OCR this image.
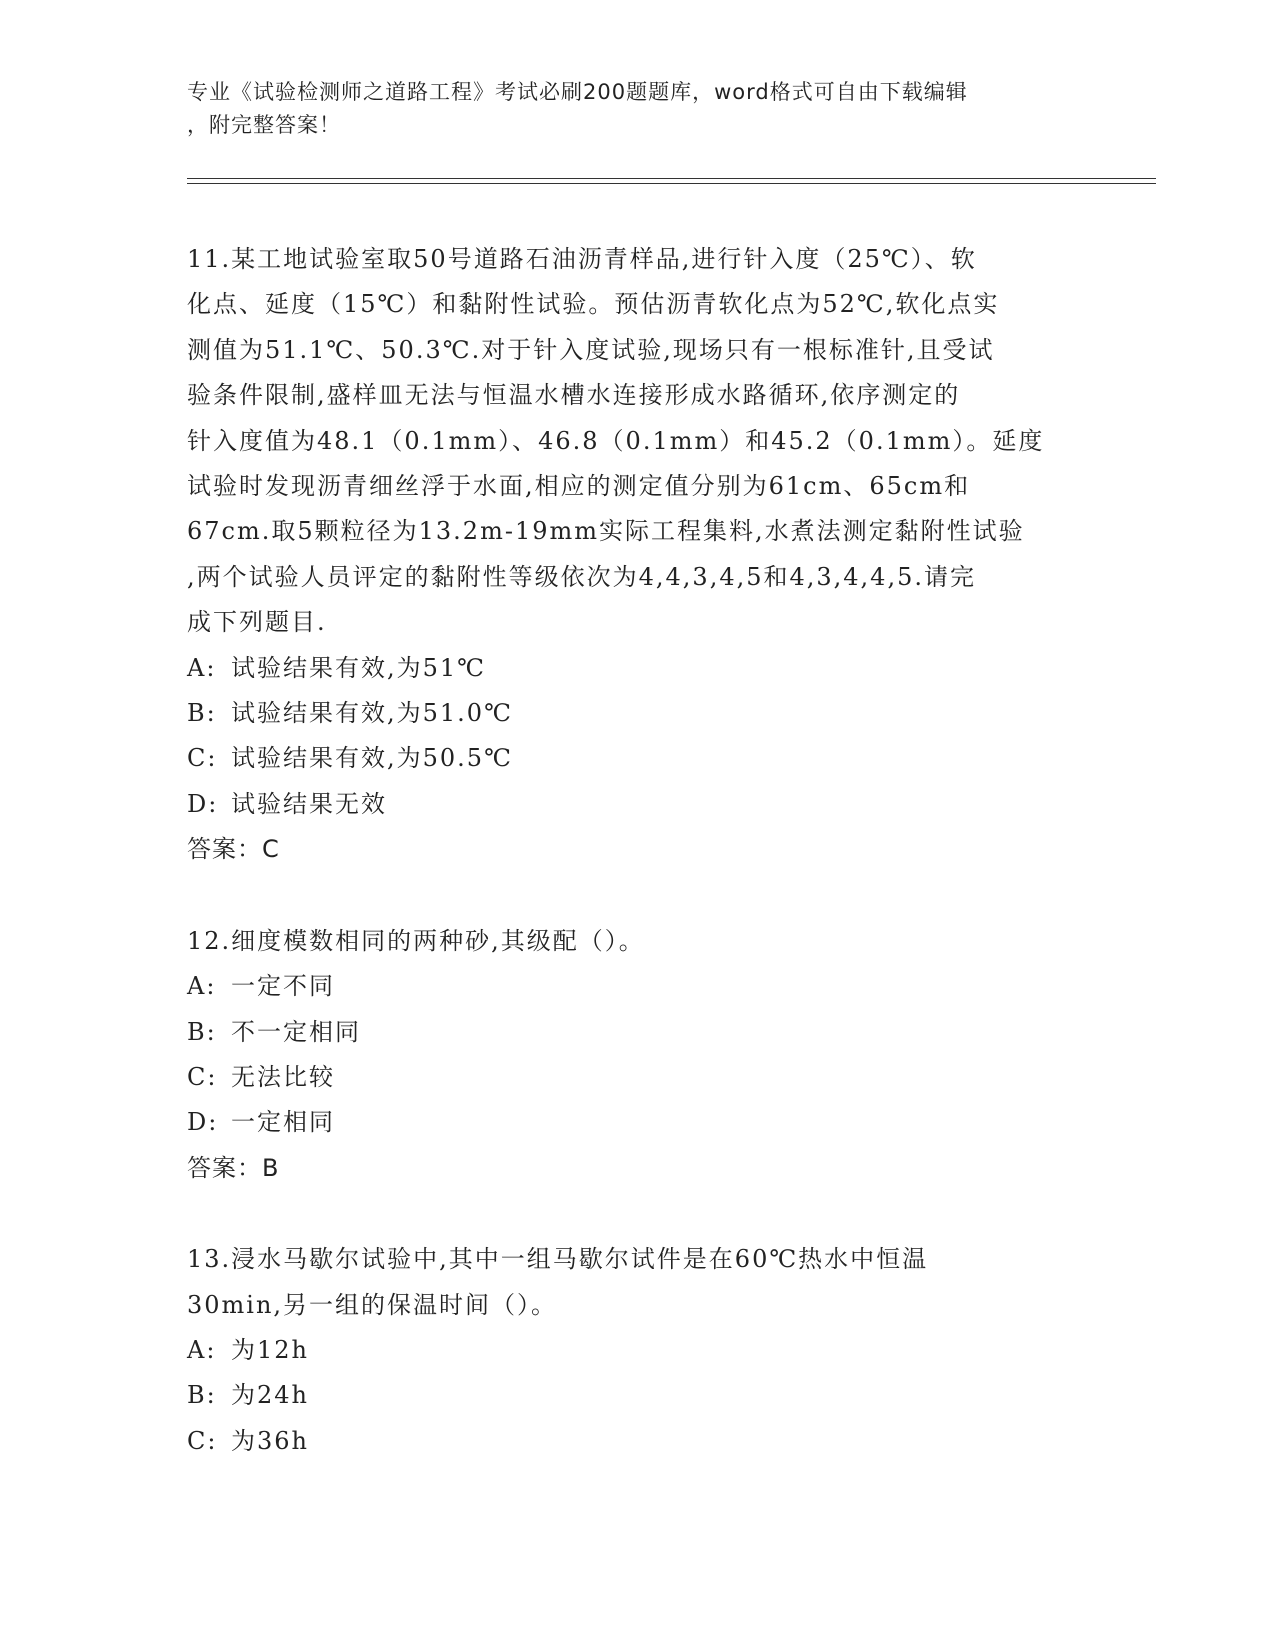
专业《试验检测师之道路工程》考试必刷200题题库，word格式可自由下载编辑

，附完整答案！

11.某工地试验室取50号道路石油沥青样品,进行针入度（25℃）、软
化点、延度（15℃）和黏附性试验。预估沥青软化点为52℃,软化点实
测值为51.1℃、50.3℃.对于针入度试验,现场只有一根标准针,且受试
验条件限制,盛样皿无法与恒温水槽水连接形成水路循环,依序测定的
针入度值为48.1（0.1mm）、46.8（0.1mm）和45.2（0.1mm）。延度
试验时发现沥青细丝浮于水面,相应的测定值分别为61cm、65cm和
67cm.取5颗粒径为13.2m-19mm实际工程集料,水煮法测定黏附性试验
,两个试验人员评定的黏附性等级依次为4,4,3,4,5和4,3,4,4,5.请完
成下列题目.

A: 试验结果有效,为51℃

B: 试验结果有效,为51.0℃

C: 试验结果有效,为50.5℃

D: 试验结果无效

答案：C

12.细度模数相同的两种砂,其级配（）。

A: 一定不同

B: 不一定相同

C: 无法比较

D: 一定相同

答案：B

13.浸水马歇尔试验中,其中一组马歇尔试件是在60℃热水中恒温
30min,另一组的保温时间（）。

A: 为12h

B: 为24h

C: 为36h
